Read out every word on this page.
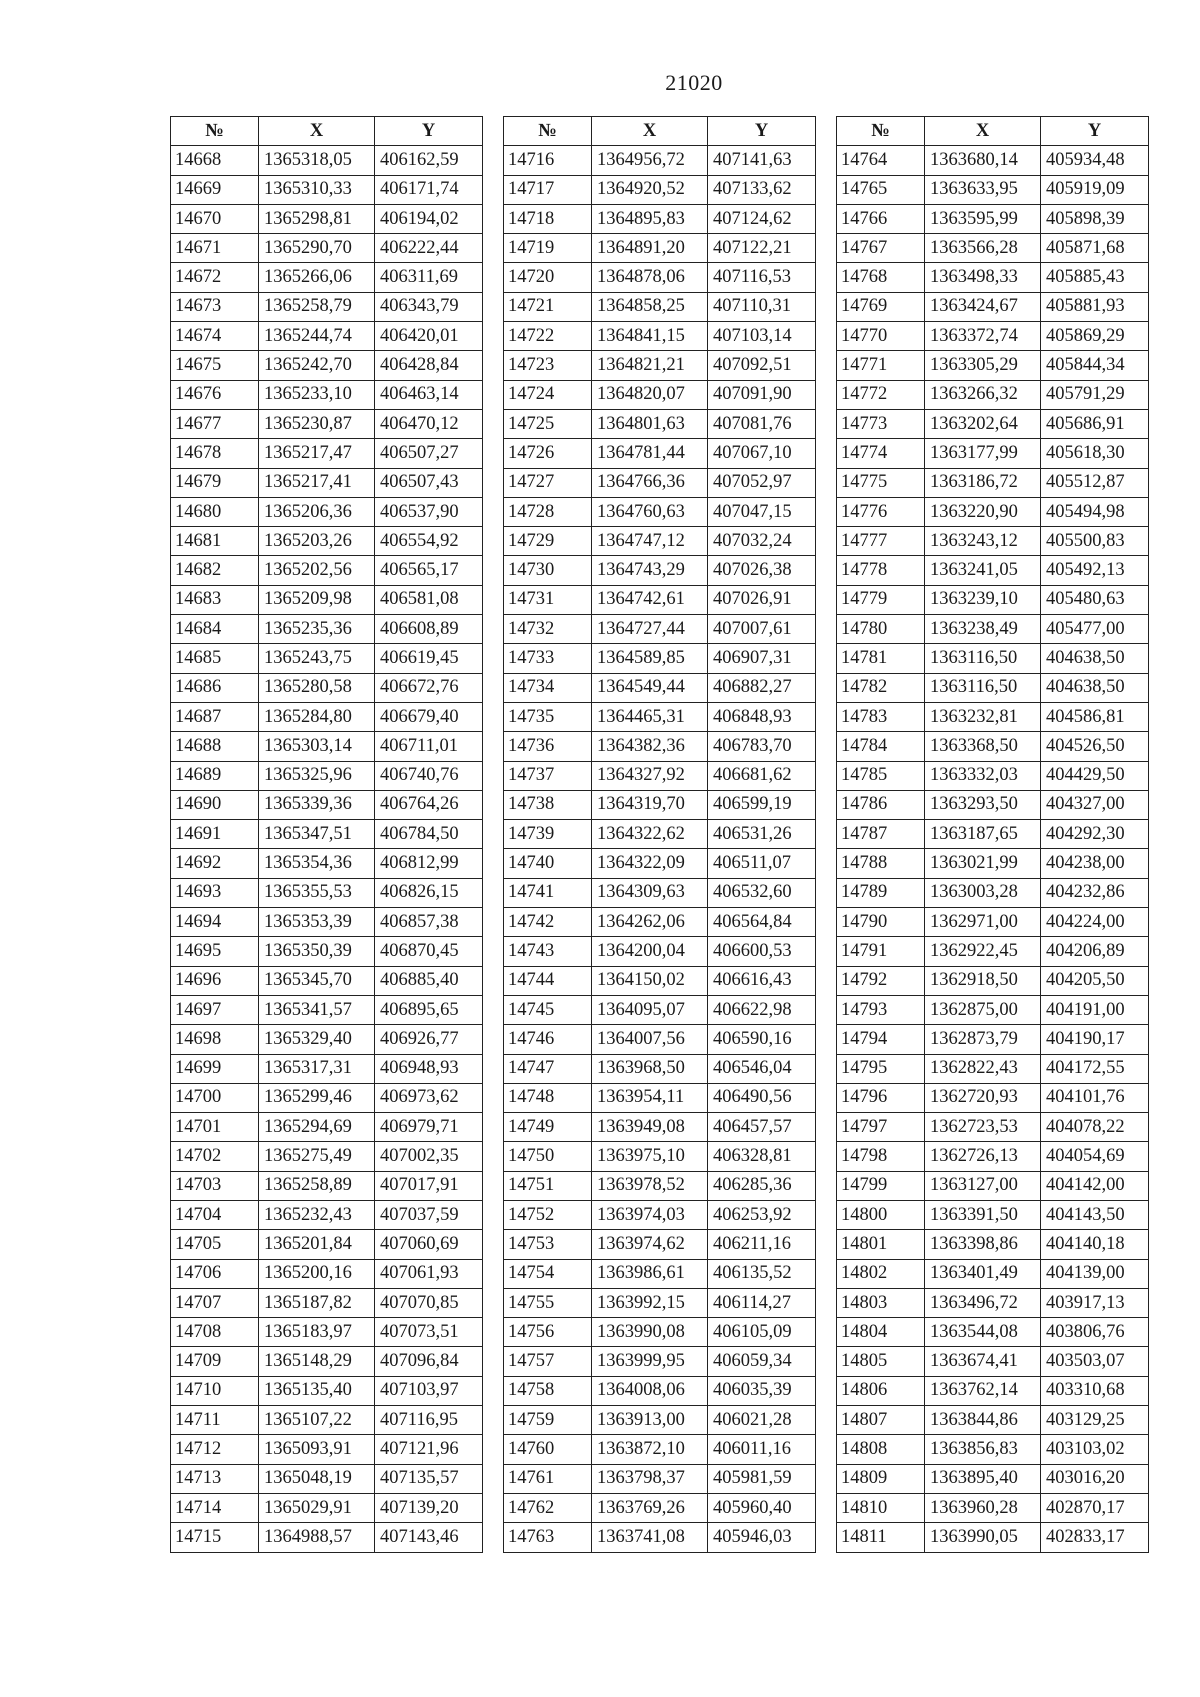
21020
№	X	Y
14668	1365318,05	406162,59
14669	1365310,33	406171,74
14670	1365298,81	406194,02
14671	1365290,70	406222,44
14672	1365266,06	406311,69
14673	1365258,79	406343,79
14674	1365244,74	406420,01
14675	1365242,70	406428,84
14676	1365233,10	406463,14
14677	1365230,87	406470,12
14678	1365217,47	406507,27
14679	1365217,41	406507,43
14680	1365206,36	406537,90
14681	1365203,26	406554,92
14682	1365202,56	406565,17
14683	1365209,98	406581,08
14684	1365235,36	406608,89
14685	1365243,75	406619,45
14686	1365280,58	406672,76
14687	1365284,80	406679,40
14688	1365303,14	406711,01
14689	1365325,96	406740,76
14690	1365339,36	406764,26
14691	1365347,51	406784,50
14692	1365354,36	406812,99
14693	1365355,53	406826,15
14694	1365353,39	406857,38
14695	1365350,39	406870,45
14696	1365345,70	406885,40
14697	1365341,57	406895,65
14698	1365329,40	406926,77
14699	1365317,31	406948,93
14700	1365299,46	406973,62
14701	1365294,69	406979,71
14702	1365275,49	407002,35
14703	1365258,89	407017,91
14704	1365232,43	407037,59
14705	1365201,84	407060,69
14706	1365200,16	407061,93
14707	1365187,82	407070,85
14708	1365183,97	407073,51
14709	1365148,29	407096,84
14710	1365135,40	407103,97
14711	1365107,22	407116,95
14712	1365093,91	407121,96
14713	1365048,19	407135,57
14714	1365029,91	407139,20
14715	1364988,57	407143,46
№	X	Y
14716	1364956,72	407141,63
14717	1364920,52	407133,62
14718	1364895,83	407124,62
14719	1364891,20	407122,21
14720	1364878,06	407116,53
14721	1364858,25	407110,31
14722	1364841,15	407103,14
14723	1364821,21	407092,51
14724	1364820,07	407091,90
14725	1364801,63	407081,76
14726	1364781,44	407067,10
14727	1364766,36	407052,97
14728	1364760,63	407047,15
14729	1364747,12	407032,24
14730	1364743,29	407026,38
14731	1364742,61	407026,91
14732	1364727,44	407007,61
14733	1364589,85	406907,31
14734	1364549,44	406882,27
14735	1364465,31	406848,93
14736	1364382,36	406783,70
14737	1364327,92	406681,62
14738	1364319,70	406599,19
14739	1364322,62	406531,26
14740	1364322,09	406511,07
14741	1364309,63	406532,60
14742	1364262,06	406564,84
14743	1364200,04	406600,53
14744	1364150,02	406616,43
14745	1364095,07	406622,98
14746	1364007,56	406590,16
14747	1363968,50	406546,04
14748	1363954,11	406490,56
14749	1363949,08	406457,57
14750	1363975,10	406328,81
14751	1363978,52	406285,36
14752	1363974,03	406253,92
14753	1363974,62	406211,16
14754	1363986,61	406135,52
14755	1363992,15	406114,27
14756	1363990,08	406105,09
14757	1363999,95	406059,34
14758	1364008,06	406035,39
14759	1363913,00	406021,28
14760	1363872,10	406011,16
14761	1363798,37	405981,59
14762	1363769,26	405960,40
14763	1363741,08	405946,03
№	X	Y
14764	1363680,14	405934,48
14765	1363633,95	405919,09
14766	1363595,99	405898,39
14767	1363566,28	405871,68
14768	1363498,33	405885,43
14769	1363424,67	405881,93
14770	1363372,74	405869,29
14771	1363305,29	405844,34
14772	1363266,32	405791,29
14773	1363202,64	405686,91
14774	1363177,99	405618,30
14775	1363186,72	405512,87
14776	1363220,90	405494,98
14777	1363243,12	405500,83
14778	1363241,05	405492,13
14779	1363239,10	405480,63
14780	1363238,49	405477,00
14781	1363116,50	404638,50
14782	1363116,50	404638,50
14783	1363232,81	404586,81
14784	1363368,50	404526,50
14785	1363332,03	404429,50
14786	1363293,50	404327,00
14787	1363187,65	404292,30
14788	1363021,99	404238,00
14789	1363003,28	404232,86
14790	1362971,00	404224,00
14791	1362922,45	404206,89
14792	1362918,50	404205,50
14793	1362875,00	404191,00
14794	1362873,79	404190,17
14795	1362822,43	404172,55
14796	1362720,93	404101,76
14797	1362723,53	404078,22
14798	1362726,13	404054,69
14799	1363127,00	404142,00
14800	1363391,50	404143,50
14801	1363398,86	404140,18
14802	1363401,49	404139,00
14803	1363496,72	403917,13
14804	1363544,08	403806,76
14805	1363674,41	403503,07
14806	1363762,14	403310,68
14807	1363844,86	403129,25
14808	1363856,83	403103,02
14809	1363895,40	403016,20
14810	1363960,28	402870,17
14811	1363990,05	402833,17
